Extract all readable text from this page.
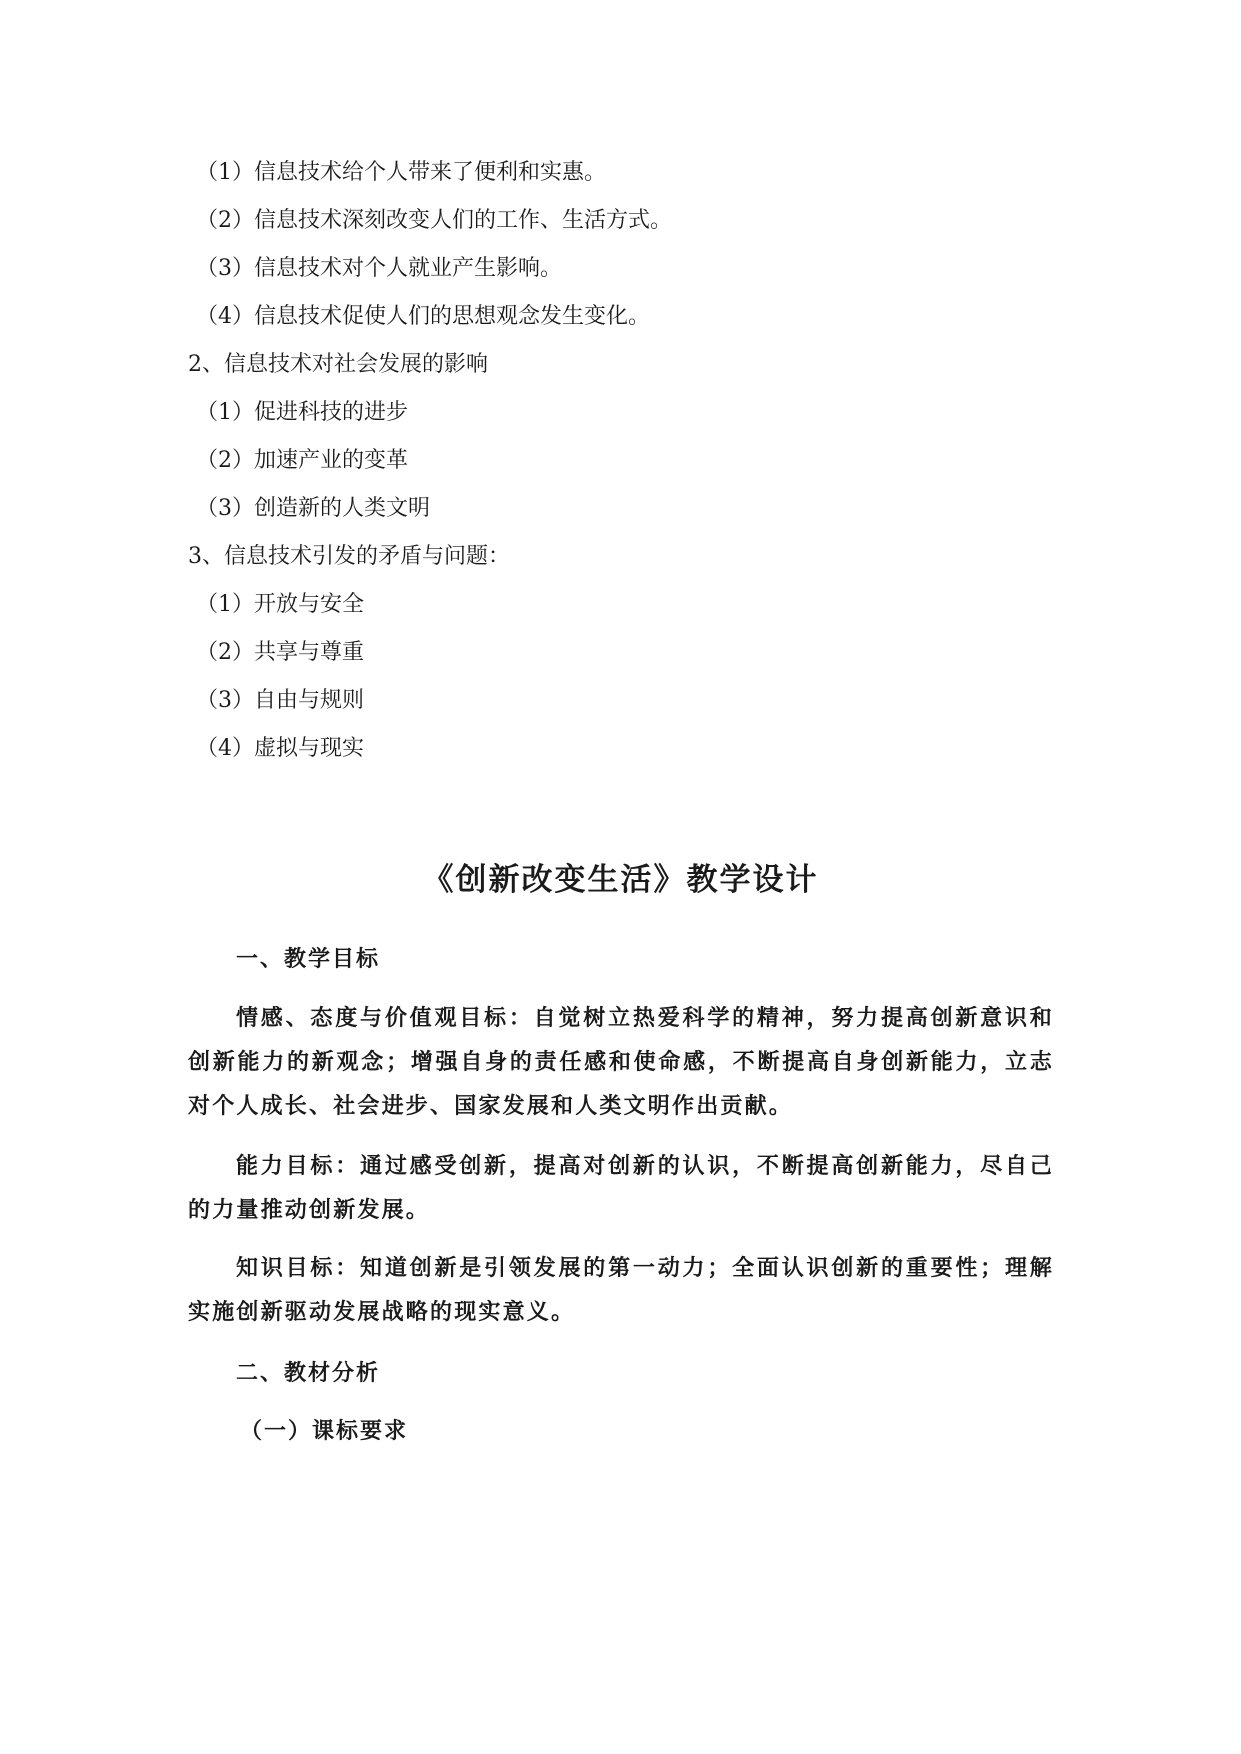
（1）信息技术给个人带来了便利和实惠。
（2）信息技术深刻改变人们的工作、生活方式。
（3）信息技术对个人就业产生影响。
（4）信息技术促使人们的思想观念发生变化。
2、信息技术对社会发展的影响
（1）促进科技的进步
（2）加速产业的变革
（3）创造新的人类文明
3、信息技术引发的矛盾与问题：
（1）开放与安全
（2）共享与尊重
（3）自由与规则
（4）虚拟与现实
《创新改变生活》教学设计
一、教学目标
情感、态度与价值观目标：自觉树立热爱科学的精神，努力提高创新意识和创新能力的新观念；增强自身的责任感和使命感，不断提高自身创新能力，立志对个人成长、社会进步、国家发展和人类文明作出贡献。
能力目标：通过感受创新，提高对创新的认识，不断提高创新能力，尽自己的力量推动创新发展。
知识目标：知道创新是引领发展的第一动力；全面认识创新的重要性；理解实施创新驱动发展战略的现实意义。
二、教材分析
（一）课标要求
